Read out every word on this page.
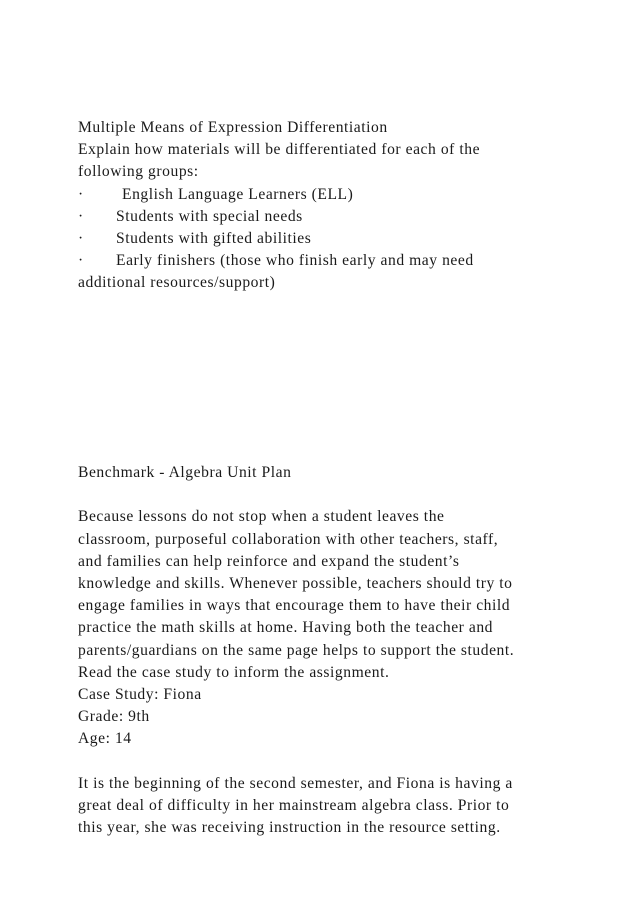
Multiple Means of Expression Differentiation
Explain how materials will be differentiated for each of the
following groups:
·	English Language Learners (ELL)
·	Students with special needs
·	Students with gifted abilities
·	Early finishers (those who finish early and may need
additional resources/support)
Benchmark - Algebra Unit Plan
Because lessons do not stop when a student leaves the
classroom, purposeful collaboration with other teachers, staff,
and families can help reinforce and expand the student’s
knowledge and skills. Whenever possible, teachers should try to
engage families in ways that encourage them to have their child
practice the math skills at home. Having both the teacher and
parents/guardians on the same page helps to support the student.
Read the case study to inform the assignment.
Case Study: Fiona
Grade: 9th
Age: 14
It is the beginning of the second semester, and Fiona is having a
great deal of difficulty in her mainstream algebra class. Prior to
this year, she was receiving instruction in the resource setting.
